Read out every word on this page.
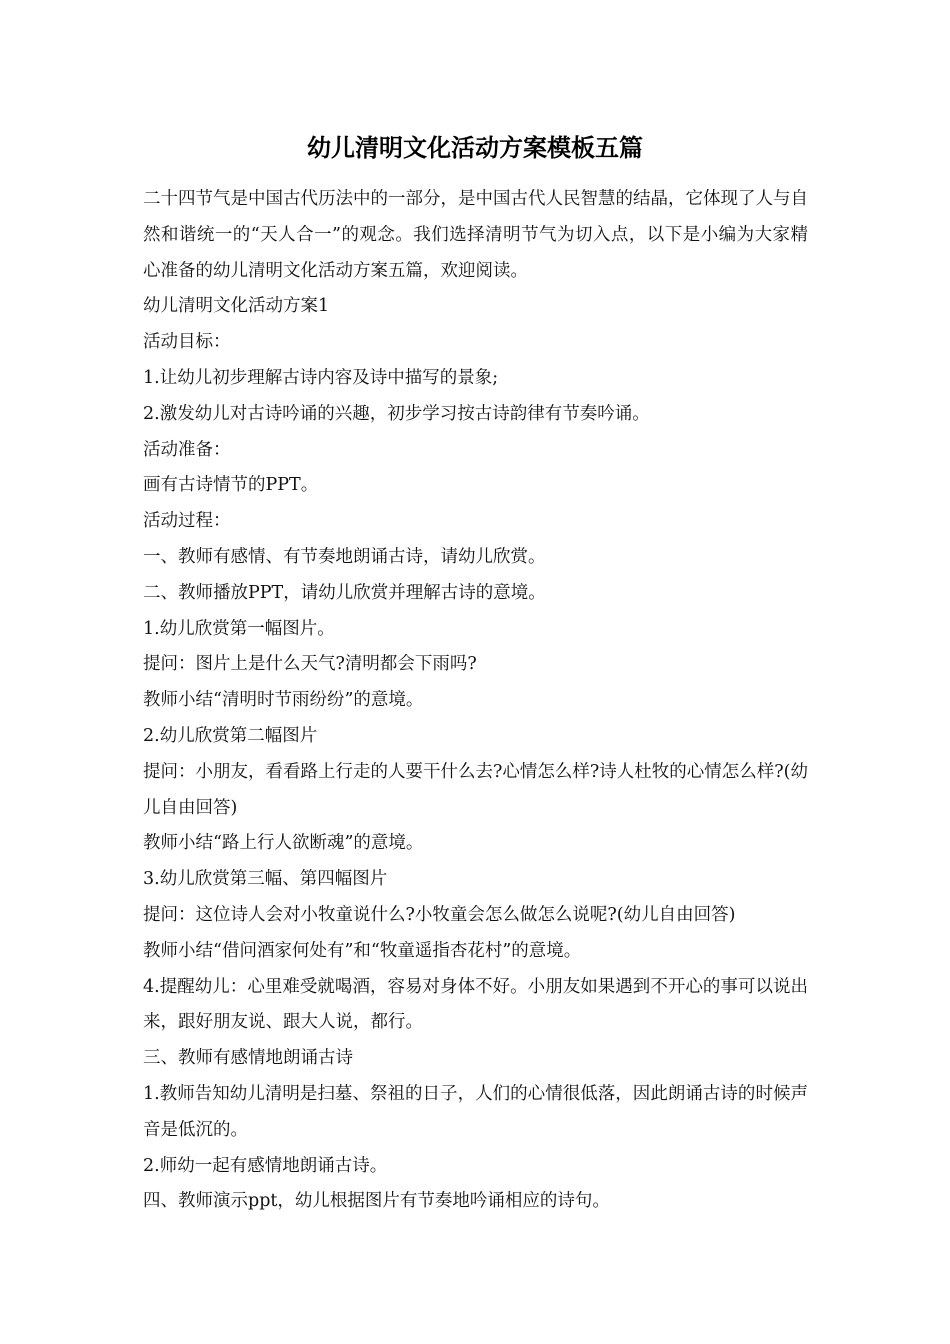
幼儿清明文化活动方案模板五篇

二十四节气是中国古代历法中的一部分，是中国古代人民智慧的结晶，它体现了人与自然和谐统一的“天人合一”的观念。我们选择清明节气为切入点，以下是小编为大家精心准备的幼儿清明文化活动方案五篇，欢迎阅读。

幼儿清明文化活动方案1

活动目标：

1.让幼儿初步理解古诗内容及诗中描写的景象;

2.激发幼儿对古诗吟诵的兴趣，初步学习按古诗韵律有节奏吟诵。

活动准备：

画有古诗情节的PPT。

活动过程：

一、教师有感情、有节奏地朗诵古诗，请幼儿欣赏。

二、教师播放PPT，请幼儿欣赏并理解古诗的意境。

1.幼儿欣赏第一幅图片。

提问：图片上是什么天气?清明都会下雨吗?

教师小结“清明时节雨纷纷”的意境。

2.幼儿欣赏第二幅图片

提问：小朋友，看看路上行走的人要干什么去?心情怎么样?诗人杜牧的心情怎么样?(幼儿自由回答)

教师小结“路上行人欲断魂”的意境。

3.幼儿欣赏第三幅、第四幅图片

提问：这位诗人会对小牧童说什么?小牧童会怎么做怎么说呢?(幼儿自由回答)

教师小结“借问酒家何处有”和“牧童遥指杏花村”的意境。

4.提醒幼儿：心里难受就喝酒，容易对身体不好。小朋友如果遇到不开心的事可以说出来，跟好朋友说、跟大人说，都行。

三、教师有感情地朗诵古诗

1.教师告知幼儿清明是扫墓、祭祖的日子，人们的心情很低落，因此朗诵古诗的时候声音是低沉的。

2.师幼一起有感情地朗诵古诗。

四、教师演示ppt，幼儿根据图片有节奏地吟诵相应的诗句。
